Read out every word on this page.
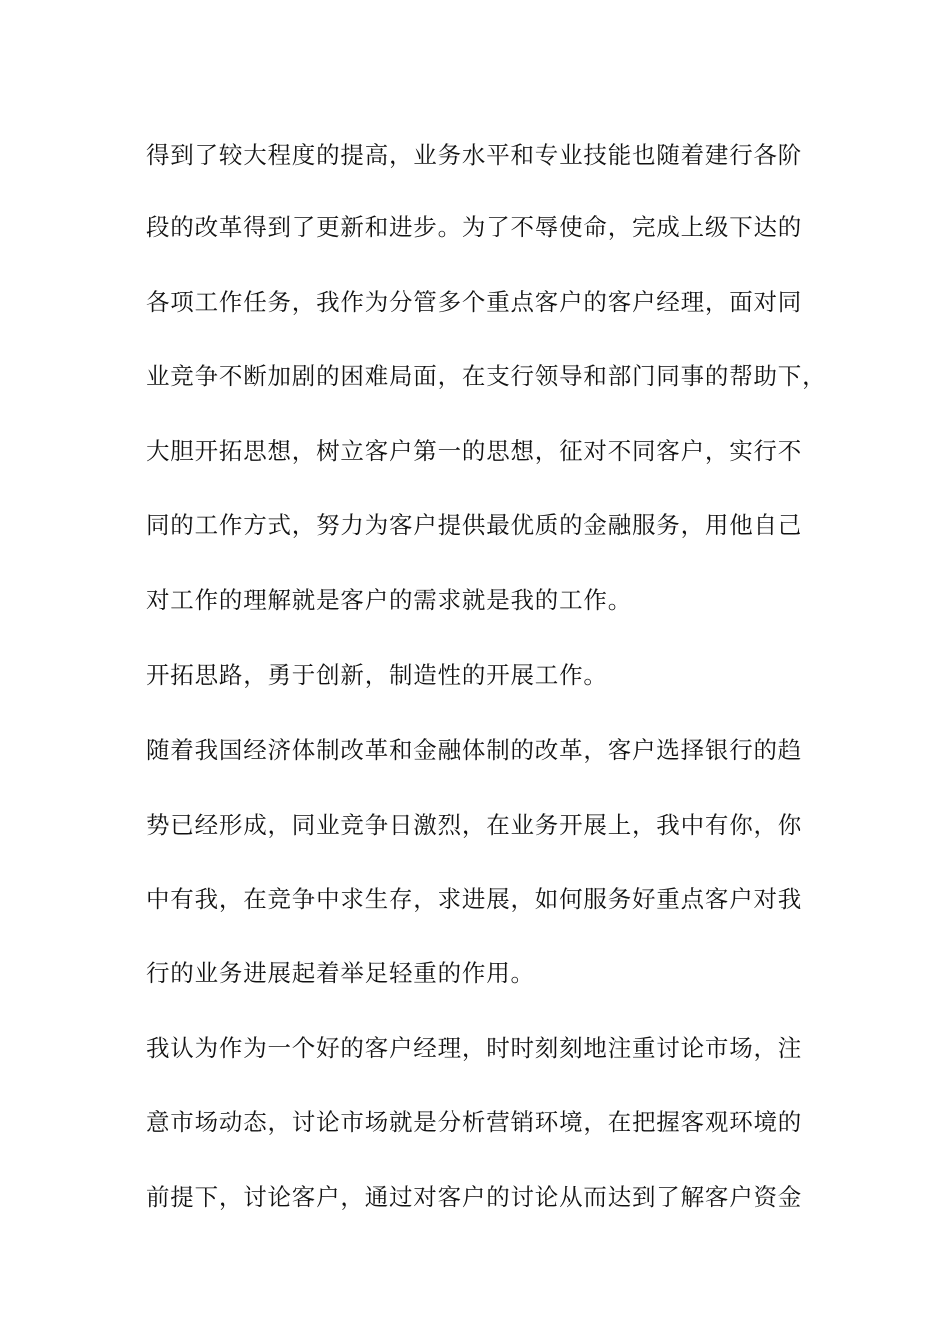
得到了较大程度的提高，业务水平和专业技能也随着建行各阶
段的改革得到了更新和进步。为了不辱使命，完成上级下达的
各项工作任务，我作为分管多个重点客户的客户经理，面对同
业竞争不断加剧的困难局面，在支行领导和部门同事的帮助下，
大胆开拓思想，树立客户第一的思想，征对不同客户，实行不
同的工作方式，努力为客户提供最优质的金融服务，用他自己
对工作的理解就是客户的需求就是我的工作。
开拓思路，勇于创新，制造性的开展工作。
随着我国经济体制改革和金融体制的改革，客户选择银行的趋
势已经形成，同业竞争日激烈，在业务开展上，我中有你，你
中有我，在竞争中求生存，求进展，如何服务好重点客户对我
行的业务进展起着举足轻重的作用。
我认为作为一个好的客户经理，时时刻刻地注重讨论市场，注
意市场动态，讨论市场就是分析营销环境，在把握客观环境的
前提下，讨论客户，通过对客户的讨论从而达到了解客户资金
